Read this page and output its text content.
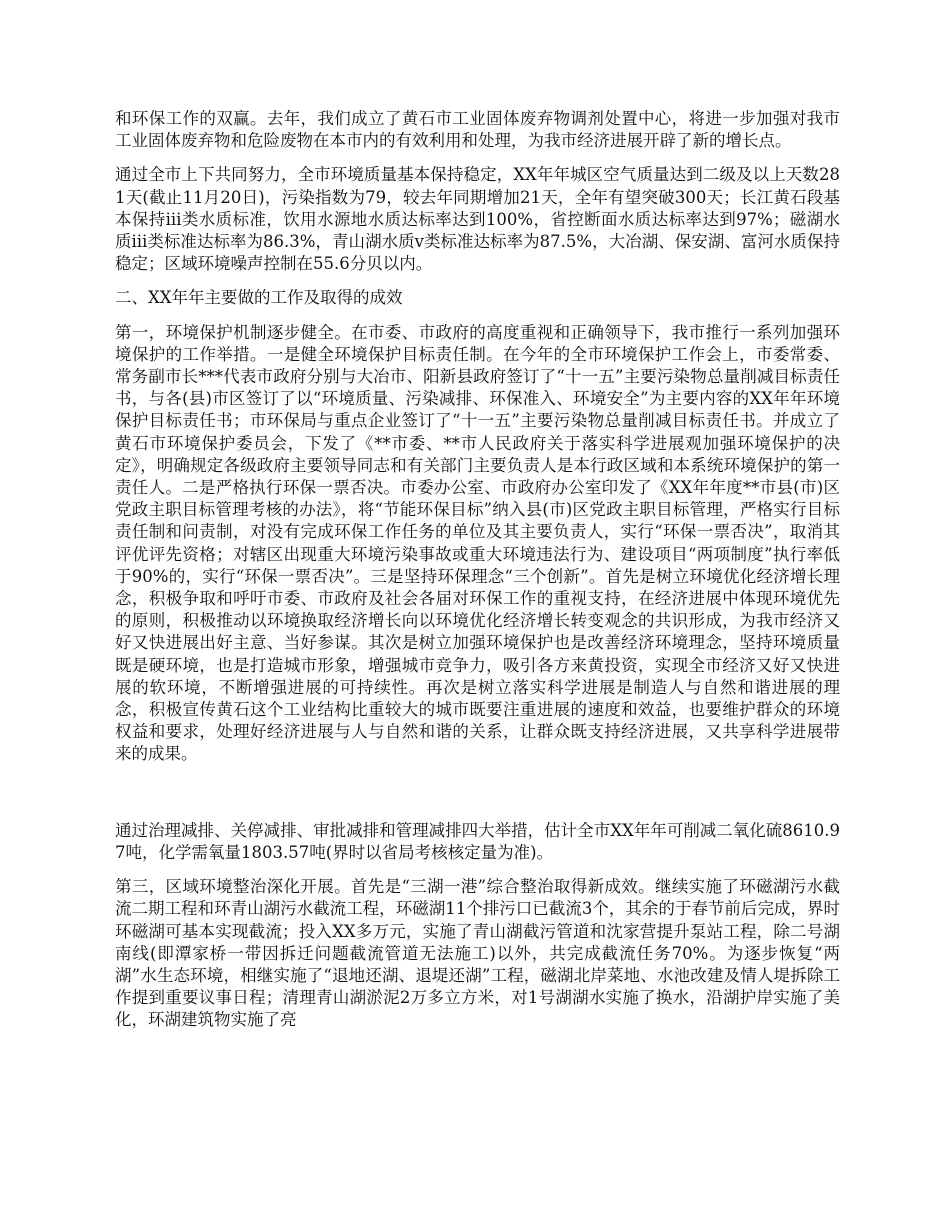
和环保工作的双赢。去年，我们成立了黄石市工业固体废弃物调剂处置中心，将进一步加强对我市工业固体废弃物和危险废物在本市内的有效利用和处理，为我市经济进展开辟了新的增长点。

通过全市上下共同努力，全市环境质量基本保持稳定，XX年年城区空气质量达到二级及以上天数281天(截止11月20日)，污染指数为79，较去年同期增加21天，全年有望突破300天；长江黄石段基本保持ⅲ类水质标准，饮用水源地水质达标率达到100%，省控断面水质达标率达到97%；磁湖水质ⅲ类标准达标率为86.3%，青山湖水质ⅴ类标准达标率为87.5%，大冶湖、保安湖、富河水质保持稳定；区域环境噪声控制在55.6分贝以内。

二、XX年年主要做的工作及取得的成效

第一，环境保护机制逐步健全。在市委、市政府的高度重视和正确领导下，我市推行一系列加强环境保护的工作举措。一是健全环境保护目标责任制。在今年的全市环境保护工作会上，市委常委、常务副市长***代表市政府分别与大冶市、阳新县政府签订了“十一五”主要污染物总量削减目标责任书，与各(县)市区签订了以“环境质量、污染减排、环保准入、环境安全”为主要内容的XX年年环境保护目标责任书；市环保局与重点企业签订了“十一五”主要污染物总量削减目标责任书。并成立了黄石市环境保护委员会，下发了《**市委、**市人民政府关于落实科学进展观加强环境保护的决定》，明确规定各级政府主要领导同志和有关部门主要负责人是本行政区域和本系统环境保护的第一责任人。二是严格执行环保一票否决。市委办公室、市政府办公室印发了《XX年年度**市县(市)区党政主职目标管理考核的办法》，将“节能环保目标”纳入县(市)区党政主职目标管理，严格实行目标责任制和问责制，对没有完成环保工作任务的单位及其主要负责人，实行“环保一票否决”，取消其评优评先资格；对辖区出现重大环境污染事故或重大环境违法行为、建设项目“两项制度”执行率低于90%的，实行“环保一票否决”。三是坚持环保理念“三个创新”。首先是树立环境优化经济增长理念，积极争取和呼吁市委、市政府及社会各届对环保工作的重视支持，在经济进展中体现环境优先的原则，积极推动以环境换取经济增长向以环境优化经济增长转变观念的共识形成，为我市经济又好又快进展出好主意、当好参谋。其次是树立加强环境保护也是改善经济环境理念，坚持环境质量既是硬环境，也是打造城市形象，增强城市竞争力，吸引各方来黄投资，实现全市经济又好又快进展的软环境，不断增强进展的可持续性。再次是树立落实科学进展是制造人与自然和谐进展的理念，积极宣传黄石这个工业结构比重较大的城市既要注重进展的速度和效益，也要维护群众的环境权益和要求，处理好经济进展与人与自然和谐的关系，让群众既支持经济进展，又共享科学进展带来的成果。

通过治理减排、关停减排、审批减排和管理减排四大举措，估计全市XX年年可削减二氧化硫8610.97吨，化学需氧量1803.57吨(界时以省局考核核定量为准)。

第三，区域环境整治深化开展。首先是“三湖一港”综合整治取得新成效。继续实施了环磁湖污水截流二期工程和环青山湖污水截流工程，环磁湖11个排污口已截流3个，其余的于春节前后完成，界时环磁湖可基本实现截流；投入XX多万元，实施了青山湖截污管道和沈家营提升泵站工程，除二号湖南线(即潭家桥一带因拆迁问题截流管道无法施工)以外，共完成截流任务70%。为逐步恢复“两湖”水生态环境，相继实施了“退地还湖、退堤还湖”工程，磁湖北岸菜地、水池改建及情人堤拆除工作提到重要议事日程；清理青山湖淤泥2万多立方米，对1号湖湖水实施了换水，沿湖护岸实施了美化，环湖建筑物实施了亮
